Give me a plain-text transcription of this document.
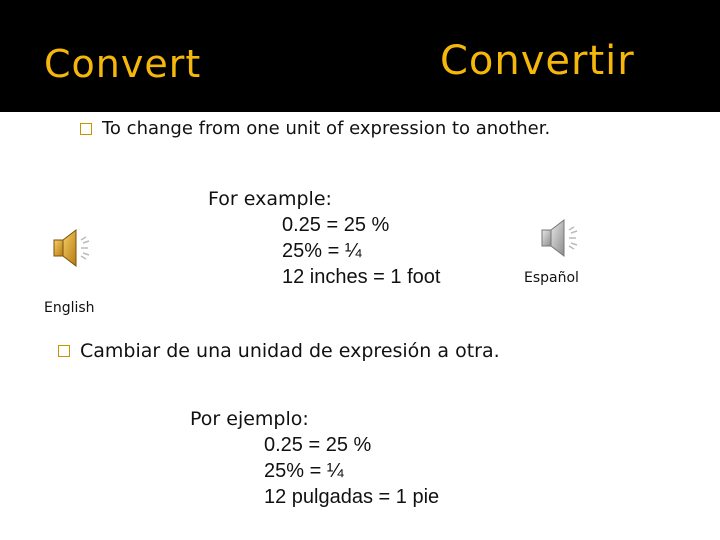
Convert	Convertir
To change from one unit of expression to another.
For example:
0.25 = 25 %
25% = ¼
12 inches = 1 foot
English
Español
Cambiar de una unidad de expresión a otra.
Por ejemplo:
0.25 = 25 %
25% = ¼
12 pulgadas = 1 pie
